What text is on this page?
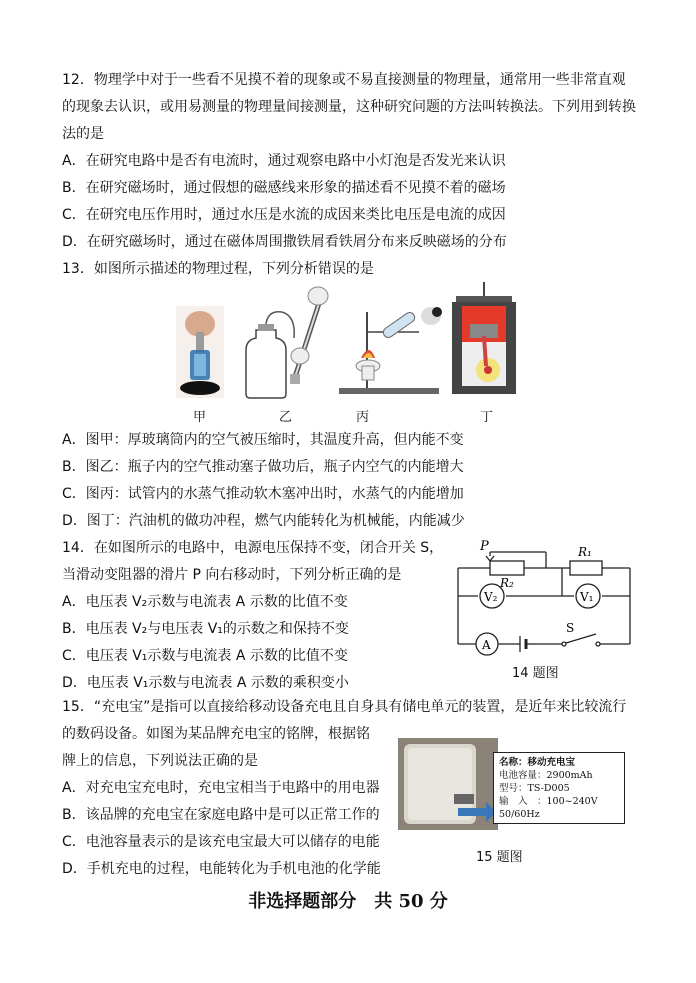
12．物理学中对于一些看不见摸不着的现象或不易直接测量的物理量，通常用一些非常直观
的现象去认识，或用易测量的物理量间接测量，这种研究问题的方法叫转换法。下列用到转换
法的是
A．在研究电路中是否有电流时，通过观察电路中小灯泡是否发光来认识
B．在研究磁场时，通过假想的磁感线来形象的描述看不见摸不着的磁场
C．在研究电压作用时，通过水压是水流的成因来类比电压是电流的成因
D．在研究磁场时，通过在磁体周围撒铁屑看铁屑分布来反映磁场的分布
13．如图所示描述的物理过程，下列分析错误的是
甲	乙	丙	丁
A．图甲：厚玻璃筒内的空气被压缩时，其温度升高，但内能不变
B．图乙：瓶子内的空气推动塞子做功后，瓶子内空气的内能增大
C．图丙：试管内的水蒸气推动软木塞冲出时，水蒸气的内能增加
D．图丁：汽油机的做功冲程，燃气内能转化为机械能，内能减少
14．在如图所示的电路中，电源电压保持不变，闭合开关 S，
当滑动变阻器的滑片 P 向右移动时，下列分析正确的是
A．电压表 V₂示数与电流表 A 示数的比值不变
B．电压表 V₂与电压表 V₁的示数之和保持不变
C．电压表 V₁示数与电流表 A 示数的比值不变
D．电压表 V₁示数与电流表 A 示数的乘积变小
P
R₂
R₁
V₂	V₁
A
S
14 题图
15．“充电宝”是指可以直接给移动设备充电且自身具有储电单元的装置，是近年来比较流行
的数码设备。如图为某品牌充电宝的铭牌，根据铭
牌上的信息，下列说法正确的是
A．对充电宝充电时，充电宝相当于电路中的用电器
B．该品牌的充电宝在家庭电路中是可以正常工作的
C．电池容量表示的是该充电宝最大可以储存的电能
D．手机充电的过程，电能转化为手机电池的化学能
名称：移动充电宝
电池容量：2900mAh
型号：TS-D005
输　入　：100~240V
50/60Hz
15 题图
非选择题部分　共 50 分
